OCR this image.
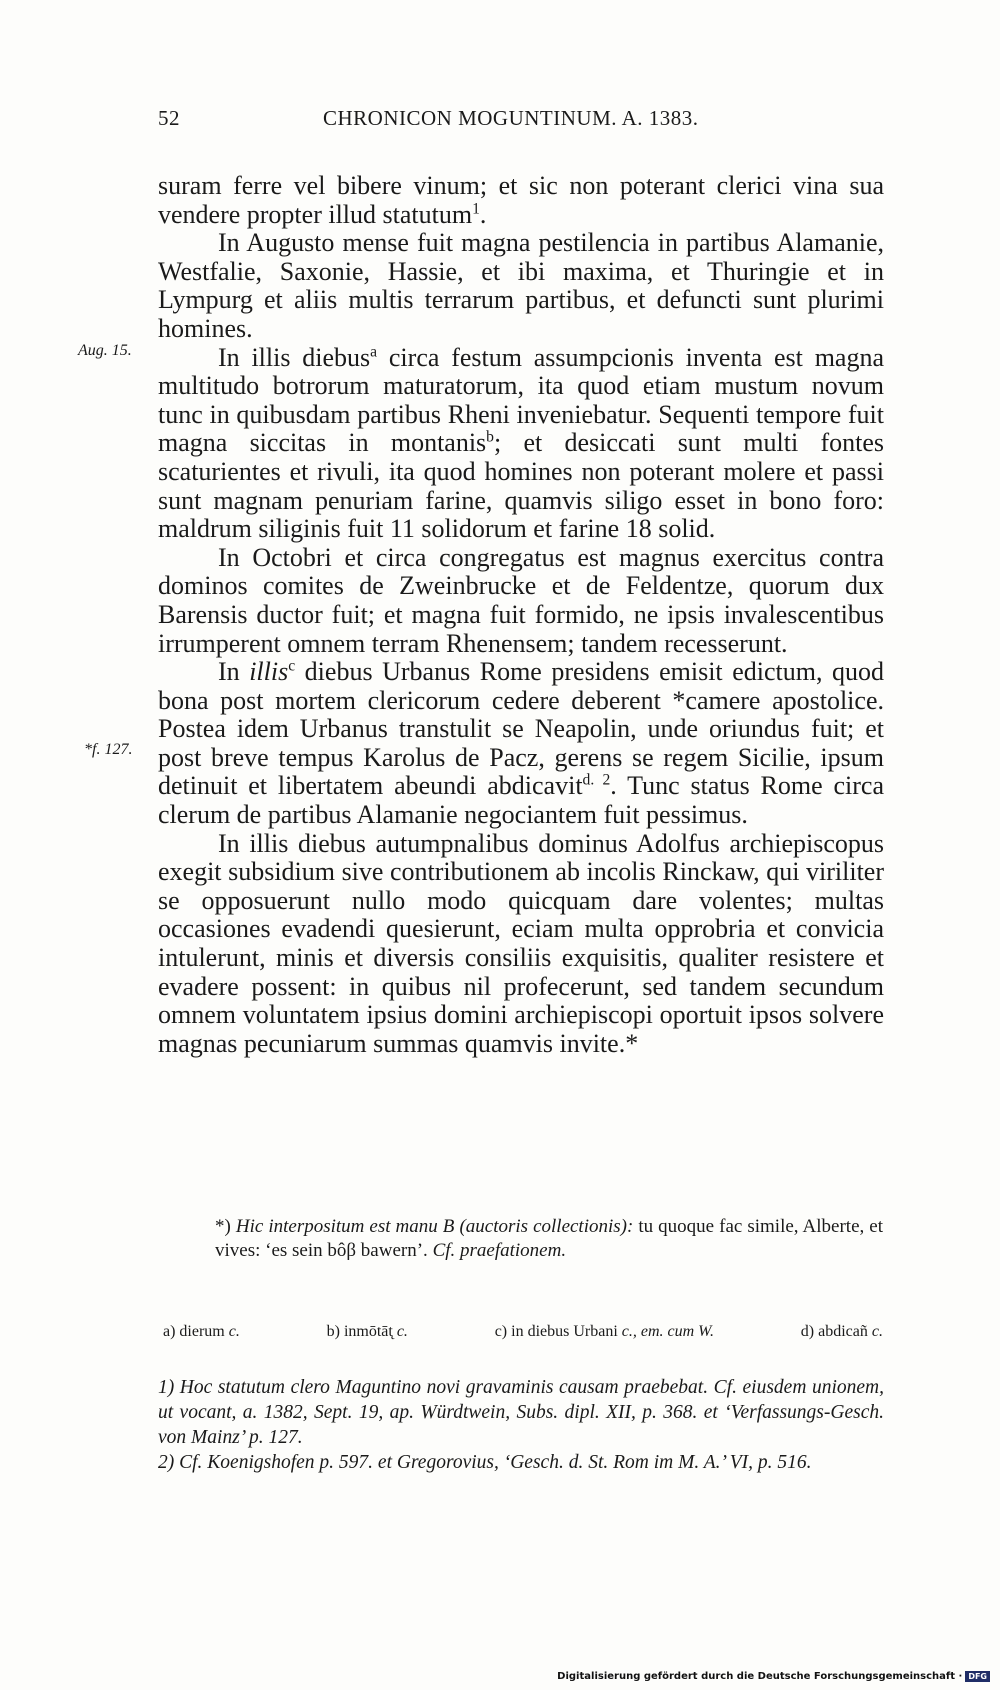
52	CHRONICON MOGUNTINUM. A. 1383.
Aug. 15.
*f. 127.

suram ferre vel bibere vinum; et sic non poterant clerici vina sua vendere propter illud statutum$^1$.

In Augusto mense fuit magna pestilencia in partibus Alamanie, Westfalie, Saxonie, Hassie, et ibi maxima, et Thuringie et in Lympurg et aliis multis terrarum partibus, et defuncti sunt plurimi homines.

In illis diebus$^a$ circa festum assumpcionis inventa est magna multitudo botrorum maturatorum, ita quod etiam mustum novum tunc in quibusdam partibus Rheni inveniebatur. Sequenti tempore fuit magna siccitas in montanis$^b$; et desiccati sunt multi fontes scaturientes et rivuli, ita quod homines non poterant molere et passi sunt magnam penuriam farine, quamvis siligo esset in bono foro: maldrum siliginis fuit 11 solidorum et farine 18 solid.

In Octobri et circa congregatus est magnus exercitus contra dominos comites de Zweinbrucke et de Feldentze, quorum dux Barensis ductor fuit; et magna fuit formido, ne ipsis invalescentibus irrumperent omnem terram Rhenensem; tandem recesserunt.

In illis$^c$ diebus Urbanus Rome presidens emisit edictum, quod bona post mortem clericorum cedere deberent *camere apostolice. Postea idem Urbanus transtulit se Neapolin, unde oriundus fuit; et post breve tempus Karolus de Pacz, gerens se regem Sicilie, ipsum detinuit et libertatem abeundi abdicavit$^{d. 2}$. Tunc status Rome circa clerum de partibus Alamanie negociantem fuit pessimus.

In illis diebus autumpnalibus dominus Adolfus archiepiscopus exegit subsidium sive contributionem ab incolis Rinckaw, qui viriliter se opposuerunt nullo modo quicquam dare volentes; multas occasiones evadendi quesierunt, eciam multa opprobria et convicia intulerunt, minis et diversis consiliis exquisitis, qualiter resistere et evadere possent: in quibus nil profecerunt, sed tandem secundum omnem voluntatem ipsius domini archiepiscopi oportuit ipsos solvere magnas pecuniarum summas quamvis invite.*

*) Hic interpositum est manu B (auctoris collectionis): tu quoque fac simile, Alberte, et vives: ‘es sein bôβ bawern’. Cf. praefationem.
a) dierum c.	b) inmōtāt̨ c.	c) in diebus Urbani c., em. cum W.	d) abdicañ c.

1) Hoc statutum clero Maguntino novi gravaminis causam praebebat. Cf. eiusdem unionem, ut vocant, a. 1382, Sept. 19, ap. Würdtwein, Subs. dipl. XII, p. 368. et ‘Verfassungs-Gesch. von Mainz’ p. 127.

2) Cf. Koenigshofen p. 597. et Gregorovius, ‘Gesch. d. St. Rom im M. A.’ VI, p. 516.

Digitalisierung gefördert durch die Deutsche Forschungsgemeinschaft · DFG
